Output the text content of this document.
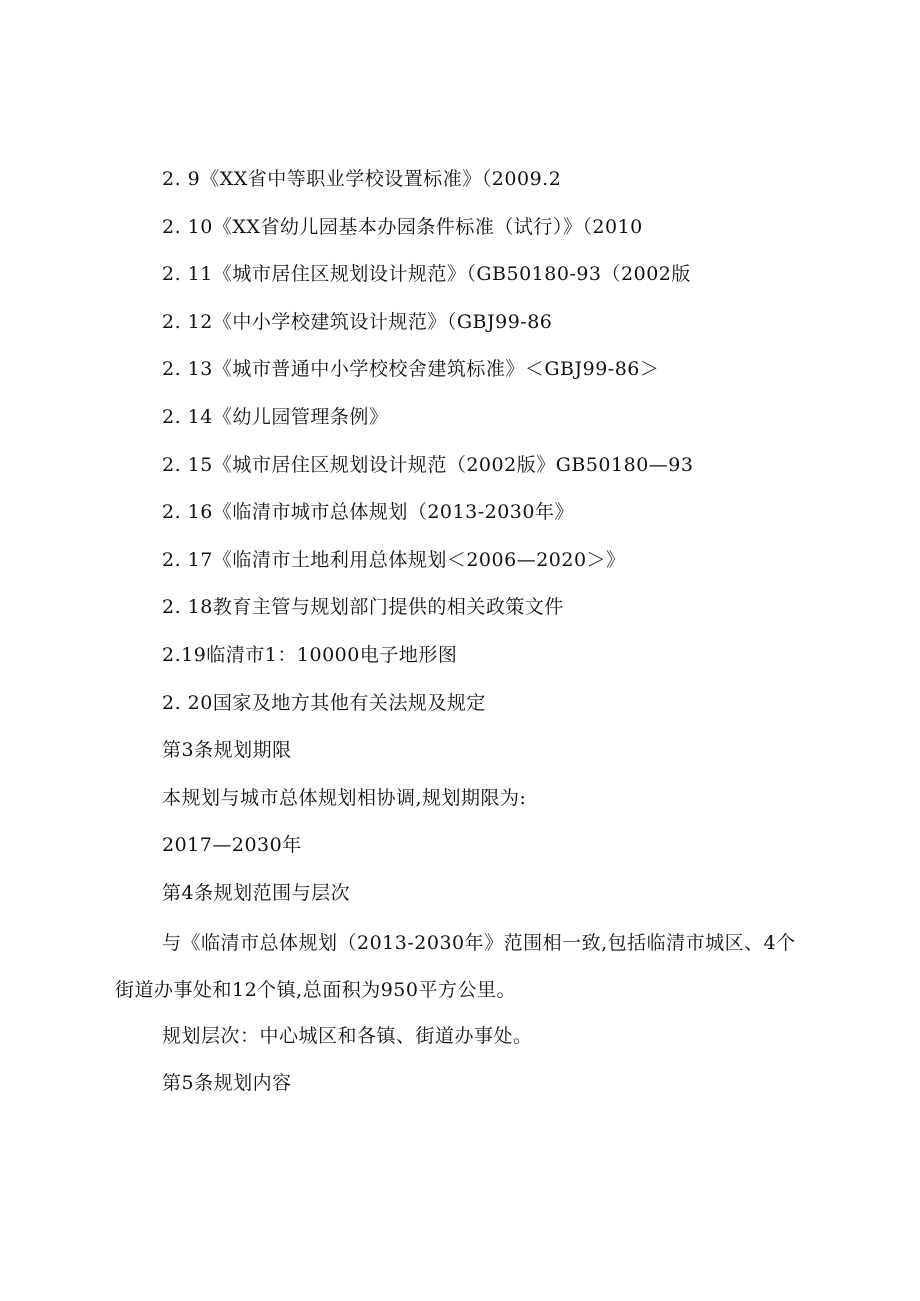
2. 9《XX省中等职业学校设置标准》（2009.2
2. 10《XX省幼儿园基本办园条件标准（试行）》（2010
2. 11《城市居住区规划设计规范》（GB50180-93（2002版
2. 12《中小学校建筑设计规范》（GBJ99-86
2. 13《城市普通中小学校校舍建筑标准》＜GBJ99-86＞
2. 14《幼儿园管理条例》
2. 15《城市居住区规划设计规范（2002版》GB50180—93
2. 16《临清市城市总体规划（2013-2030年》
2. 17《临清市土地利用总体规划＜2006—2020＞》
2. 18教育主管与规划部门提供的相关政策文件
2.19临清市1：10000电子地形图
2. 20国家及地方其他有关法规及规定
第3条规划期限
本规划与城市总体规划相协调,规划期限为:
2017—2030年
第4条规划范围与层次
与《临清市总体规划（2013-2030年》范围相一致,包括临清市城区、4个街道办事处和12个镇,总面积为950平方公里。
规划层次：中心城区和各镇、街道办事处。
第5条规划内容
